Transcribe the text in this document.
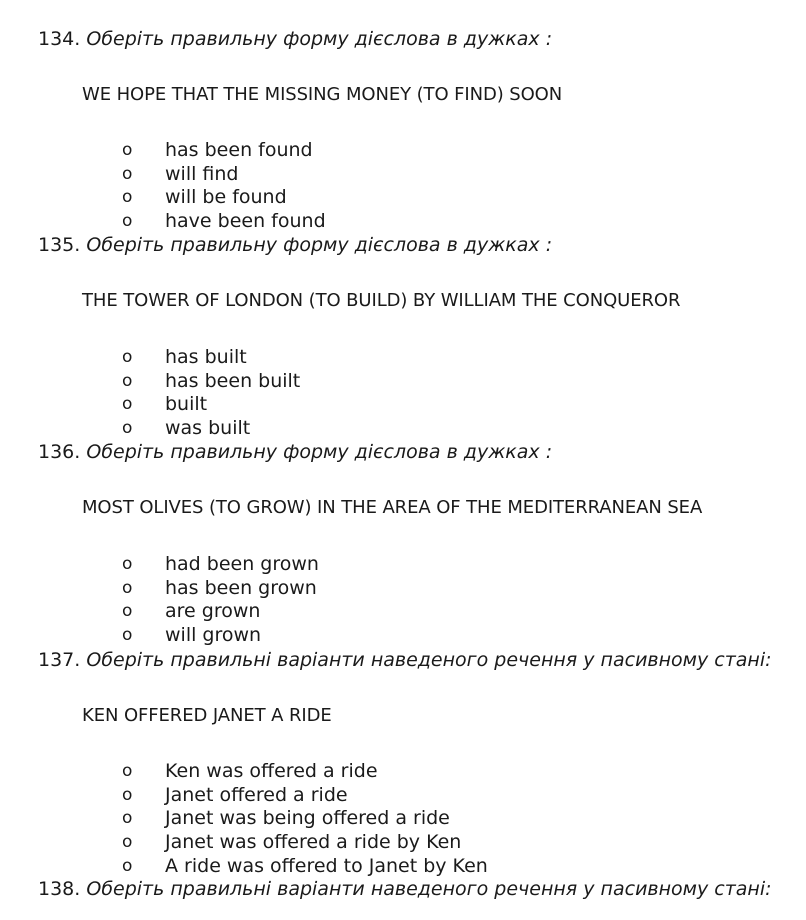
134. Оберіть правильну форму дієслова в дужках :
WE HOPE THAT THE MISSING MONEY (TO FIND) SOON
o	has been found
o	will find
o	will be found
o	have been found
135. Оберіть правильну форму дієслова в дужках :
THE TOWER OF LONDON (TO BUILD) BY WILLIAM THE CONQUEROR
o	has built
o	has been built
o	built
o	was built
136. Оберіть правильну форму дієслова в дужках :
MOST OLIVES (TO GROW) IN THE AREA OF THE MEDITERRANEAN SEA
o	had been grown
o	has been grown
o	are grown
o	will grown
137. Оберіть правильні варіанти наведеного речення у пасивному стані:
KEN OFFERED JANET A RIDE
o	Ken was offered a ride
o	Janet offered a ride
o	Janet was being offered a ride
o	Janet was offered a ride by Ken
o	A ride was offered to Janet by Ken
138. Оберіть правильні варіанти наведеного речення у пасивному стані:
